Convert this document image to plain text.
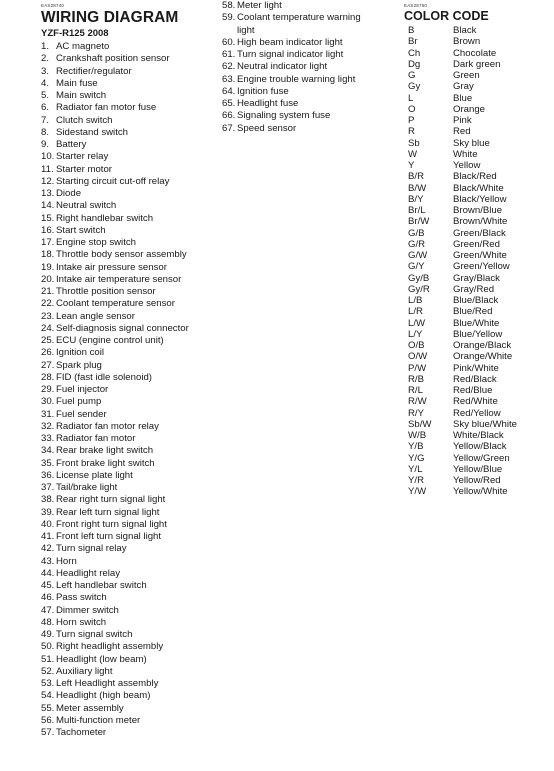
EAS28740
WIRING DIAGRAM
YZF-R125 2008
1. AC magneto
2. Crankshaft position sensor
3. Rectifier/regulator
4. Main fuse
5. Main switch
6. Radiator fan motor fuse
7. Clutch switch
8. Sidestand switch
9. Battery
10. Starter relay
11. Starter motor
12. Starting circuit cut-off relay
13. Diode
14. Neutral switch
15. Right handlebar switch
16. Start switch
17. Engine stop switch
18. Throttle body sensor assembly
19. Intake air pressure sensor
20. Intake air temperature sensor
21. Throttle position sensor
22. Coolant temperature sensor
23. Lean angle sensor
24. Self-diagnosis signal connector
25. ECU (engine control unit)
26. Ignition coil
27. Spark plug
28. FID (fast idle solenoid)
29. Fuel injector
30. Fuel pump
31. Fuel sender
32. Radiator fan motor relay
33. Radiator fan motor
34. Rear brake light switch
35. Front brake light switch
36. License plate light
37. Tail/brake light
38. Rear right turn signal light
39. Rear left turn signal light
40. Front right turn signal light
41. Front left turn signal light
42. Turn signal relay
43. Horn
44. Headlight relay
45. Left handlebar switch
46. Pass switch
47. Dimmer switch
48. Horn switch
49. Turn signal switch
50. Right headlight assembly
51. Headlight (low beam)
52. Auxiliary light
53. Left Headlight assembly
54. Headlight (high beam)
55. Meter assembly
56. Multi-function meter
57. Tachometer
58. Meter light
59. Coolant temperature warning
light
60. High beam indicator light
61. Turn signal indicator light
62. Neutral indicator light
63. Engine trouble warning light
64. Ignition fuse
65. Headlight fuse
66. Signaling system fuse
67. Speed sensor
EAS28750
COLOR CODE
B	Black
Br	Brown
Ch	Chocolate
Dg	Dark green
G	Green
Gy	Gray
L	Blue
O	Orange
P	Pink
R	Red
Sb	Sky blue
W	White
Y	Yellow
B/R	Black/Red
B/W	Black/White
B/Y	Black/Yellow
Br/L	Brown/Blue
Br/W	Brown/White
G/B	Green/Black
G/R	Green/Red
G/W	Green/White
G/Y	Green/Yellow
Gy/B	Gray/Black
Gy/R	Gray/Red
L/B	Blue/Black
L/R	Blue/Red
L/W	Blue/White
L/Y	Blue/Yellow
O/B	Orange/Black
O/W	Orange/White
P/W	Pink/White
R/B	Red/Black
R/L	Red/Blue
R/W	Red/White
R/Y	Red/Yellow
Sb/W	Sky blue/White
W/B	White/Black
Y/B	Yellow/Black
Y/G	Yellow/Green
Y/L	Yellow/Blue
Y/R	Yellow/Red
Y/W	Yellow/White
